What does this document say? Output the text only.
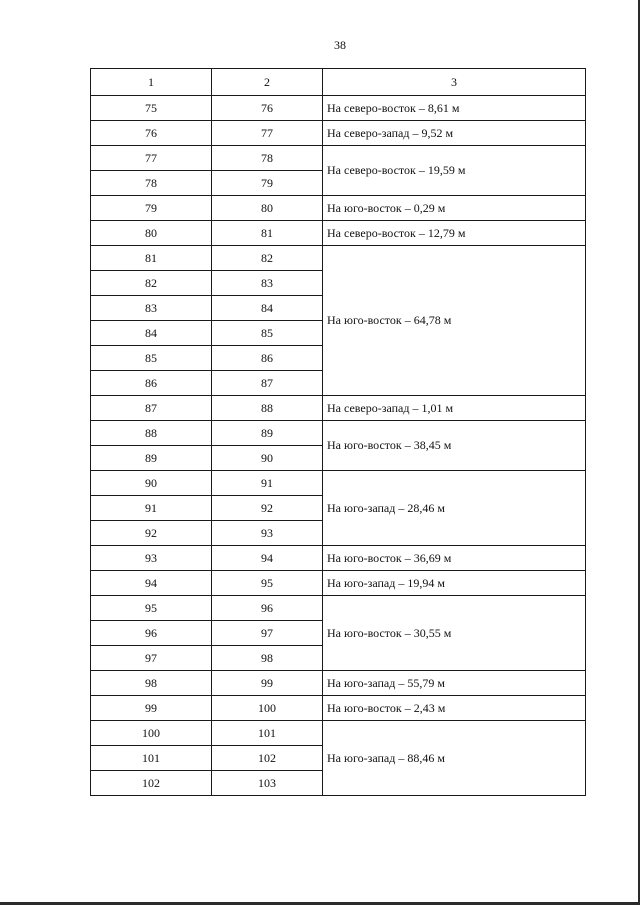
38
1	2	3
75	76	На северо-восток – 8,61 м
76	77	На северо-запад – 9,52 м
77	78	На северо-восток – 19,59 м
78	79	
79	80	На юго-восток – 0,29 м
80	81	На северо-восток – 12,79 м
81	82	На юго-восток – 64,78 м
82	83	
83	84	
84	85	
85	86	
86	87	
87	88	На северо-запад – 1,01 м
88	89	На юго-восток – 38,45 м
89	90	
90	91	На юго-запад – 28,46 м
91	92	
92	93	
93	94	На юго-восток – 36,69 м
94	95	На юго-запад – 19,94 м
95	96	На юго-восток – 30,55 м
96	97	
97	98	
98	99	На юго-запад – 55,79 м
99	100	На юго-восток – 2,43 м
100	101	На юго-запад – 88,46 м
101	102	
102	103	
